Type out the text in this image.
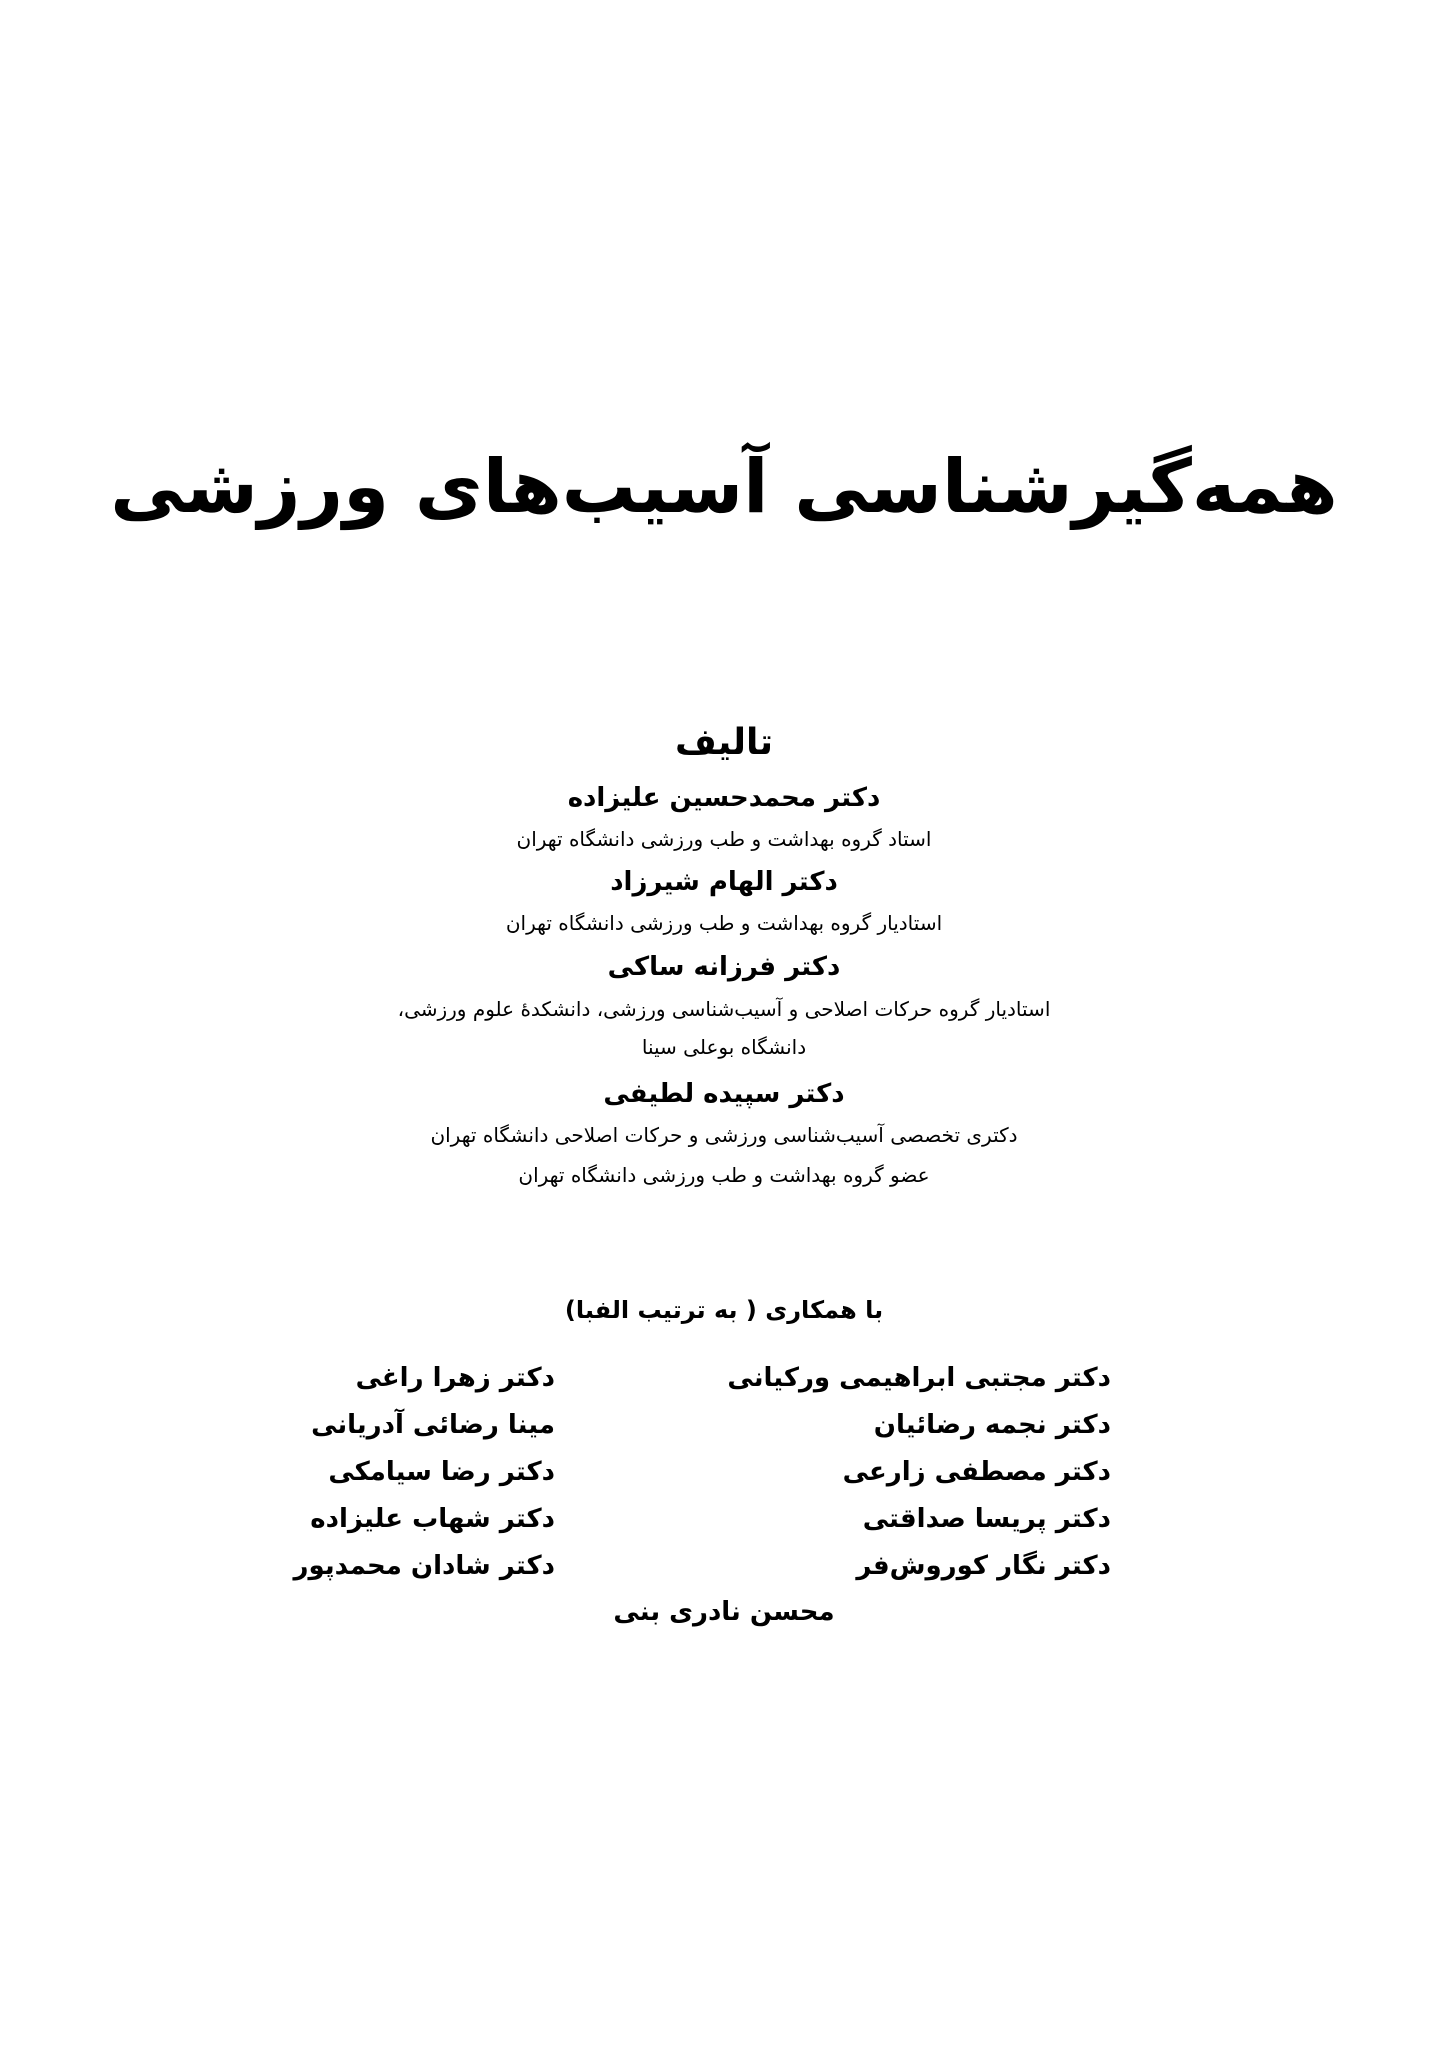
همه‌گیرشناسی آسیب‌های ورزشی
تالیف
دکتر محمدحسین علیزاده
استاد گروه بهداشت و طب ورزشی دانشگاه تهران
دکتر الهام شیرزاد
استادیار گروه بهداشت و طب ورزشی دانشگاه تهران
دکتر فرزانه ساکی
استادیار گروه حرکات اصلاحی و آسیب‌شناسی ورزشی، دانشکدهٔ علوم ورزشی،
دانشگاه بوعلی سینا
دکتر سپیده لطیفی
دکتری تخصصی آسیب‌شناسی ورزشی و حرکات اصلاحی دانشگاه تهران
عضو گروه بهداشت و طب ورزشی دانشگاه تهران
با همکاری ( به ترتیب الفبا)
دکتر مجتبی ابراهیمی ورکیانی
دکتر نجمه رضائیان
دکتر مصطفی زارعی
دکتر پریسا صداقتی
دکتر نگار کوروش‌فر
دکتر زهرا راغی
مینا رضائی آدریانی
دکتر رضا سیامکی
دکتر شهاب علیزاده
دکتر شادان محمدپور
محسن نادری بنی
